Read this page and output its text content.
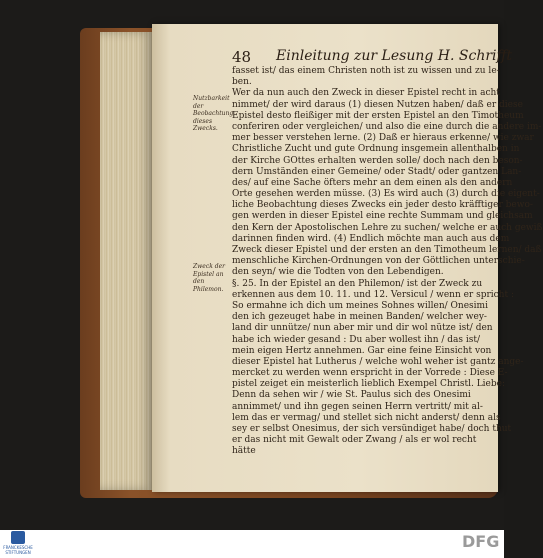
48 Einleitung zur Lesung H. Schrifft
Nutzbarkeit der Beobachtung dieses Zwecks.
Zweck der Epistel an den Philemon.
fasset ist/ das einem Christen noth ist zu wissen und zu le-
ben.
Wer da nun auch den Zweck in dieser Epistel recht in acht
nimmet/ der wird daraus (1) diesen Nutzen haben/ daß er diese
Epistel desto fleißiger mit der ersten Epistel an den Timotheum
conferiren oder vergleichen/ und also die eine durch die andere im-
mer besser verstehen lerne. (2) Daß er hieraus erkenne/ wie zwar
Christliche Zucht und gute Ordnung insgemein allenthalben in
der Kirche GOttes erhalten werden solle/ doch nach den beson-
dern Umständen einer Gemeine/ oder Stadt/ oder gantzen Lan-
des/ auf eine Sache öfters mehr an dem einen als den andern
Orte gesehen werden müsse. (3) Es wird auch (3) durch die eigent-
liche Beobachtung dieses Zwecks ein jeder desto kräfftiger bewo-
gen werden in dieser Epistel eine rechte Summam und gleichsam
den Kern der Apostolischen Lehre zu suchen/ welche er auch gewiß
darinnen finden wird. (4) Endlich möchte man auch aus dem
Zweck dieser Epistel und der ersten an den Timotheum lernen/ daß
menschliche Kirchen-Ordnungen von der Göttlichen unterschie-
den seyn/ wie die Todten von den Lebendigen.
§. 25. In der Epistel an den Philemon/ ist der Zweck zu
erkennen aus dem 10. 11. und 12. Versicul / wenn er spricht :
So ermahne ich dich um meines Sohnes willen/ Onesimi
den ich gezeuget habe in meinen Banden/ welcher wey-
land dir unnütze/ nun aber mir und dir wol nütze ist/ den
habe ich wieder gesand : Du aber wollest ihn / das ist/
mein eigen Hertz annehmen. Gar eine feine Einsicht von
dieser Epistel hat Lutherus / welche wohl weher ist gantz ange-
mercket zu werden wenn erspricht in der Vorrede : Diese E-
pistel zeiget ein meisterlich lieblich Exempel Christl. Liebe:
Denn da sehen wir / wie St. Paulus sich des Onesimi
annimmet/ und ihn gegen seinen Herrn vertritt/ mit al-
lem das er vermag/ und stellet sich nicht anderst/ denn als
sey er selbst Onesimus, der sich versündiget habe/ doch thut
er das nicht mit Gewalt oder Zwang / als er wol recht
hätte
FRANCKESCHE STIFTUNGEN
DFG
